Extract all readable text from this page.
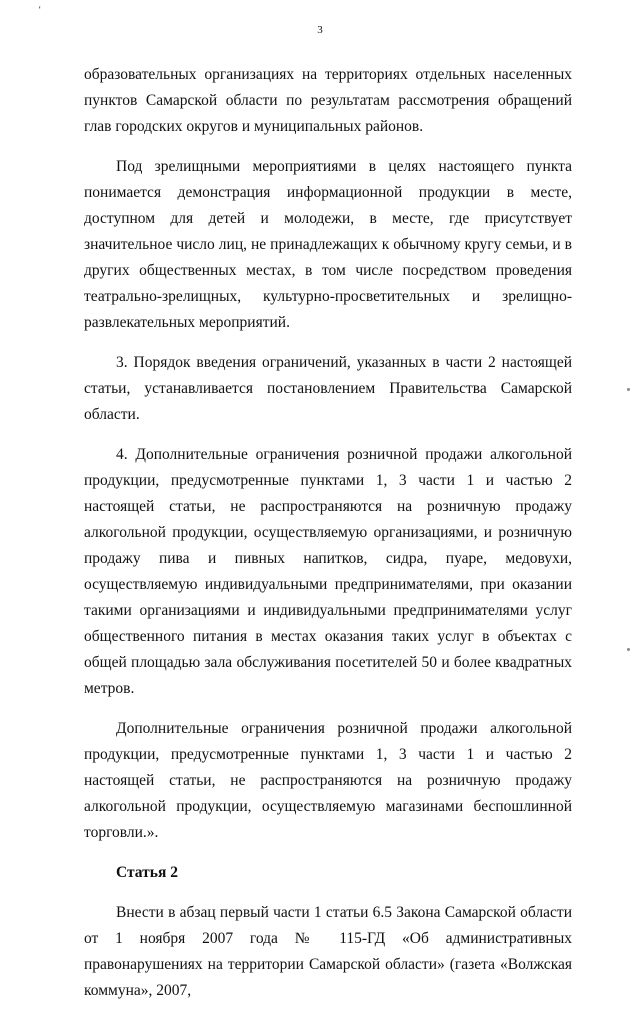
‘
3

образовательных организациях на территориях отдельных населенных пунктов Самарской области по результатам рассмотрения обращений глав городских округов и муниципальных районов.

Под зрелищными мероприятиями в целях настоящего пункта понимается демонстрация информационной продукции в месте, доступном для детей и молодежи, в месте, где присутствует значительное число лиц, не принадлежащих к обычному кругу семьи, и в других общественных местах, в том числе посредством проведения театрально-зрелищных, культурно-просветительных и зрелищно-развлекательных мероприятий.

3. Порядок введения ограничений, указанных в части 2 настоящей статьи, устанавливается постановлением Правительства Самарской области.

4. Дополнительные ограничения розничной продажи алкогольной продукции, предусмотренные пунктами 1, 3 части 1 и частью 2 настоящей статьи, не распространяются на розничную продажу алкогольной продукции, осуществляемую организациями, и розничную продажу пива и пивных напитков, сидра, пуаре, медовухи, осуществляемую индивидуальными предпринимателями, при оказании такими организациями и индивидуальными предпринимателями услуг общественного питания в местах оказания таких услуг в объектах с общей площадью зала обслуживания посетителей 50 и более квадратных метров.

Дополнительные ограничения розничной продажи алкогольной продукции, предусмотренные пунктами 1, 3 части 1 и частью 2 настоящей статьи, не распространяются на розничную продажу алкогольной продукции, осуществляемую магазинами беспошлинной торговли.».

Статья 2

Внести в абзац первый части 1 статьи 6.5 Закона Самарской области от 1 ноября 2007 года № 115-ГД «Об административных правонарушениях на территории Самарской области» (газета «Волжская коммуна», 2007,
